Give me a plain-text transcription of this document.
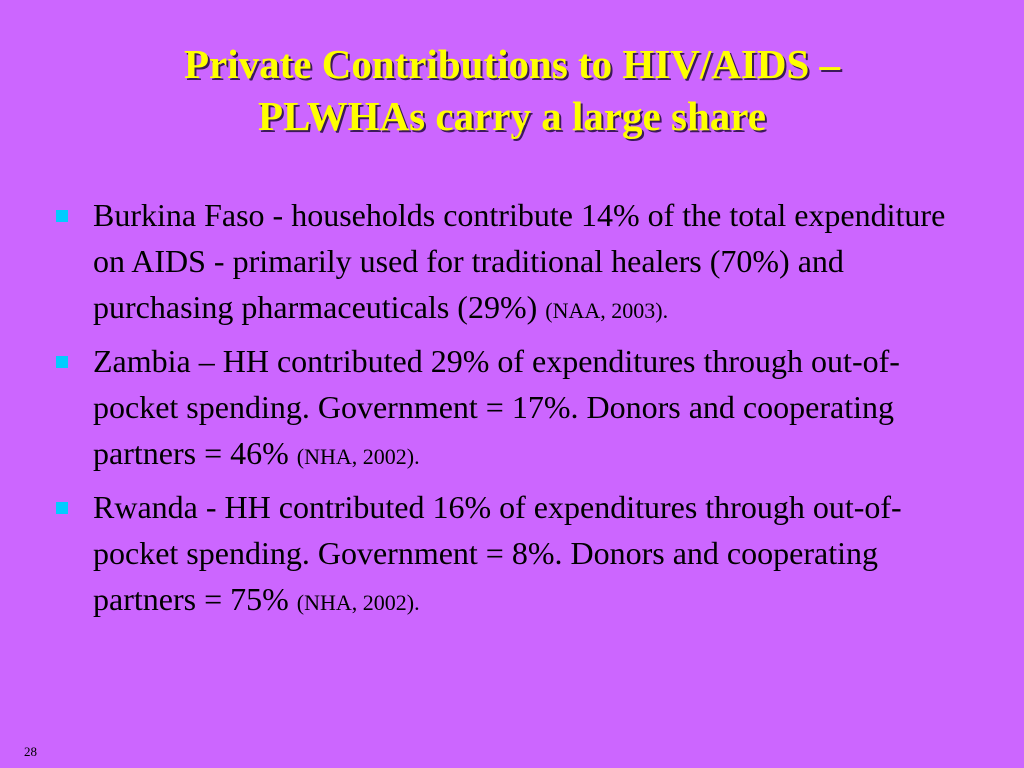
Private Contributions to HIV/AIDS –
PLWHAs carry a large share
Burkina Faso - households contribute 14% of the total expenditure on AIDS - primarily used for traditional healers (70%) and purchasing pharmaceuticals (29%) (NAA, 2003).
Zambia – HH contributed 29% of expenditures through out-of-pocket spending. Government = 17%. Donors and cooperating partners = 46% (NHA, 2002).
Rwanda - HH contributed 16% of expenditures through out-of-pocket spending. Government = 8%. Donors and cooperating partners = 75% (NHA, 2002).
28
